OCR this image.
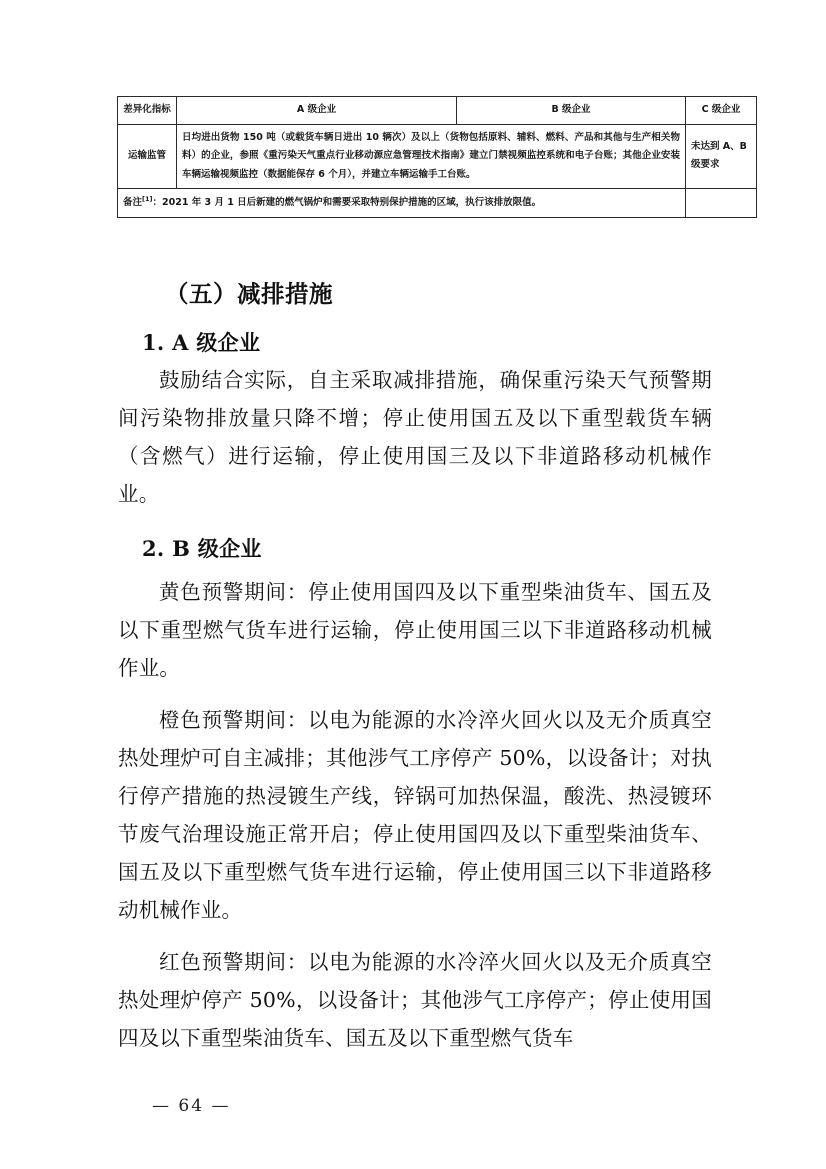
差异化指标	A 级企业	B 级企业	C 级企业
运输监管	日均进出货物 150 吨（或载货车辆日进出 10 辆次）及以上（货物包括原料、辅料、燃料、产品和其他与生产相关物料）的企业，参照《重污染天气重点行业移动源应急管理技术指南》建立门禁视频监控系统和电子台账；其他企业安装车辆运输视频监控（数据能保存 6 个月），并建立车辆运输手工台账。		未达到 A、B 级要求
备注[1]：2021 年 3 月 1 日后新建的燃气锅炉和需要采取特别保护措施的区域，执行该排放限值。			
（五）减排措施
1. A 级企业

鼓励结合实际，自主采取减排措施，确保重污染天气预警期间污染物排放量只降不增；停止使用国五及以下重型载货车辆（含燃气）进行运输，停止使用国三及以下非道路移动机械作业。

2. B 级企业

黄色预警期间：停止使用国四及以下重型柴油货车、国五及以下重型燃气货车进行运输，停止使用国三以下非道路移动机械作业。

橙色预警期间：以电为能源的水冷淬火回火以及无介质真空热处理炉可自主减排；其他涉气工序停产 50%，以设备计；对执行停产措施的热浸镀生产线，锌锅可加热保温，酸洗、热浸镀环节废气治理设施正常开启；停止使用国四及以下重型柴油货车、国五及以下重型燃气货车进行运输，停止使用国三以下非道路移动机械作业。

红色预警期间：以电为能源的水冷淬火回火以及无介质真空热处理炉停产 50%，以设备计；其他涉气工序停产；停止使用国四及以下重型柴油货车、国五及以下重型燃气货车

— 64 —
